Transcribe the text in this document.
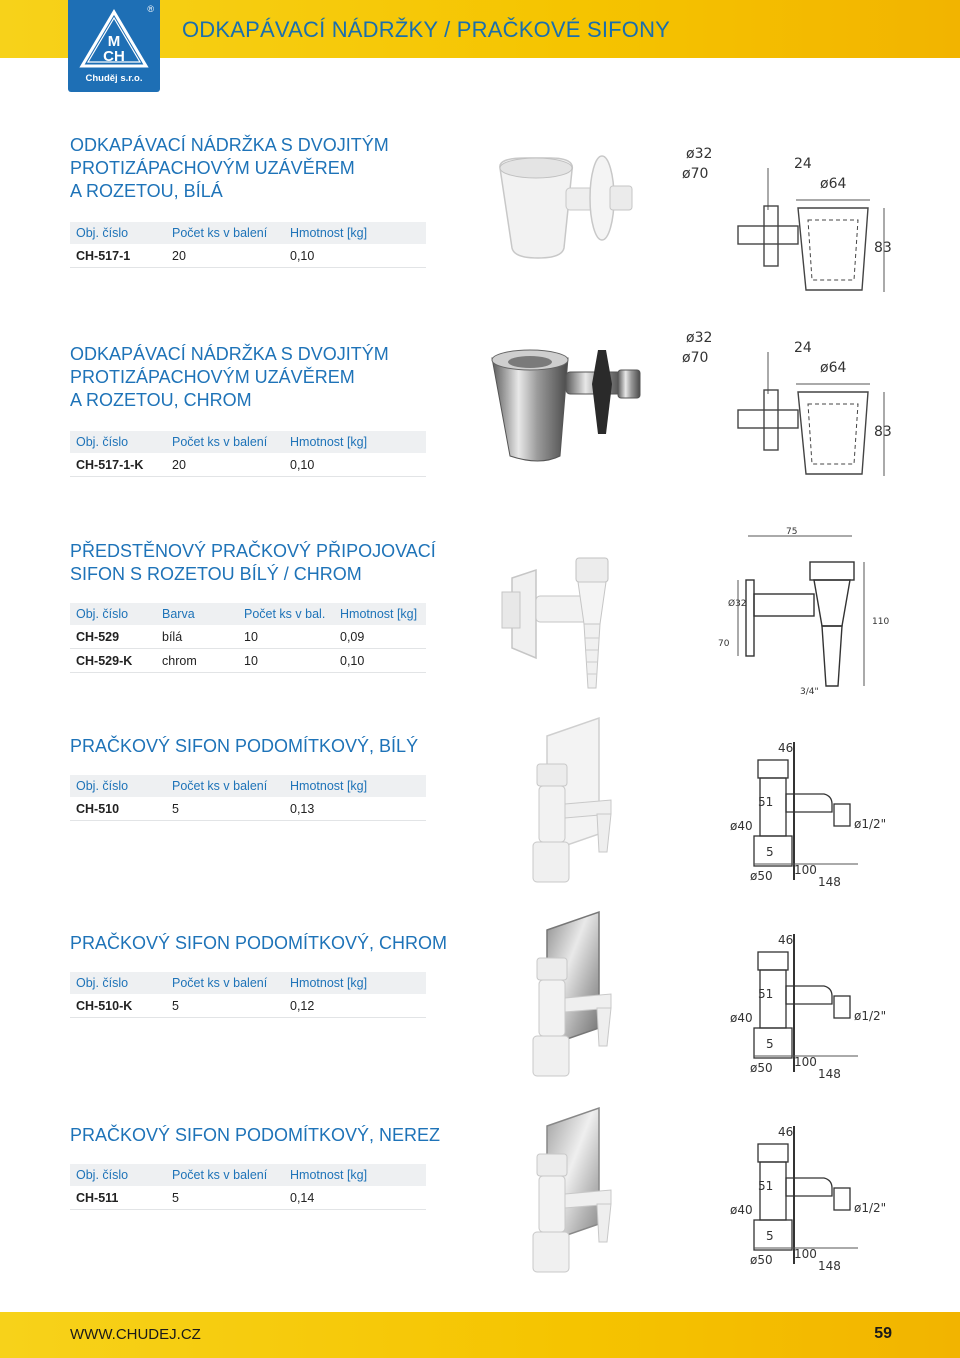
M
CH
®
Chuděj s.r.o.
ODKAPÁVACÍ NÁDRŽKY / PRAČKOVÉ SIFONY
ODKAPÁVACÍ NÁDRŽKA S DVOJITÝM
PROTIZÁPACHOVÝM UZÁVĚREM
A ROZETOU, BÍLÁ
Obj. číslo	Počet ks v balení	Hmotnost [kg]
CH-517-1	20	0,10
ø32
ø70
24
ø64
83
ODKAPÁVACÍ NÁDRŽKA S DVOJITÝM
PROTIZÁPACHOVÝM UZÁVĚREM
A ROZETOU, CHROM
Obj. číslo	Počet ks v balení	Hmotnost [kg]
CH-517-1-K	20	0,10
ø32
ø70
24
ø64
83
PŘEDSTĚNOVÝ PRAČKOVÝ PŘIPOJOVACÍ
SIFON S ROZETOU BÍLÝ / CHROM
Obj. číslo	Barva	Počet ks v bal.	Hmotnost [kg]
CH-529	bílá	10	0,09
CH-529-K	chrom	10	0,10
75
Ø32
110
70
3/4"
PRAČKOVÝ SIFON PODOMÍTKOVÝ, BÍLÝ
Obj. číslo	Počet ks v balení	Hmotnost [kg]
CH-510	5	0,13
46
51
ø40	ø1/2"
5
100
ø50	148
PRAČKOVÝ SIFON PODOMÍTKOVÝ, CHROM
Obj. číslo	Počet ks v balení	Hmotnost [kg]
CH-510-K	5	0,12
46
51
ø40	ø1/2"
5
100
ø50	148
PRAČKOVÝ SIFON PODOMÍTKOVÝ, NEREZ
Obj. číslo	Počet ks v balení	Hmotnost [kg]
CH-511	5	0,14
46
51
ø40	ø1/2"
5
100
ø50	148
WWW.CHUDEJ.CZ	59
